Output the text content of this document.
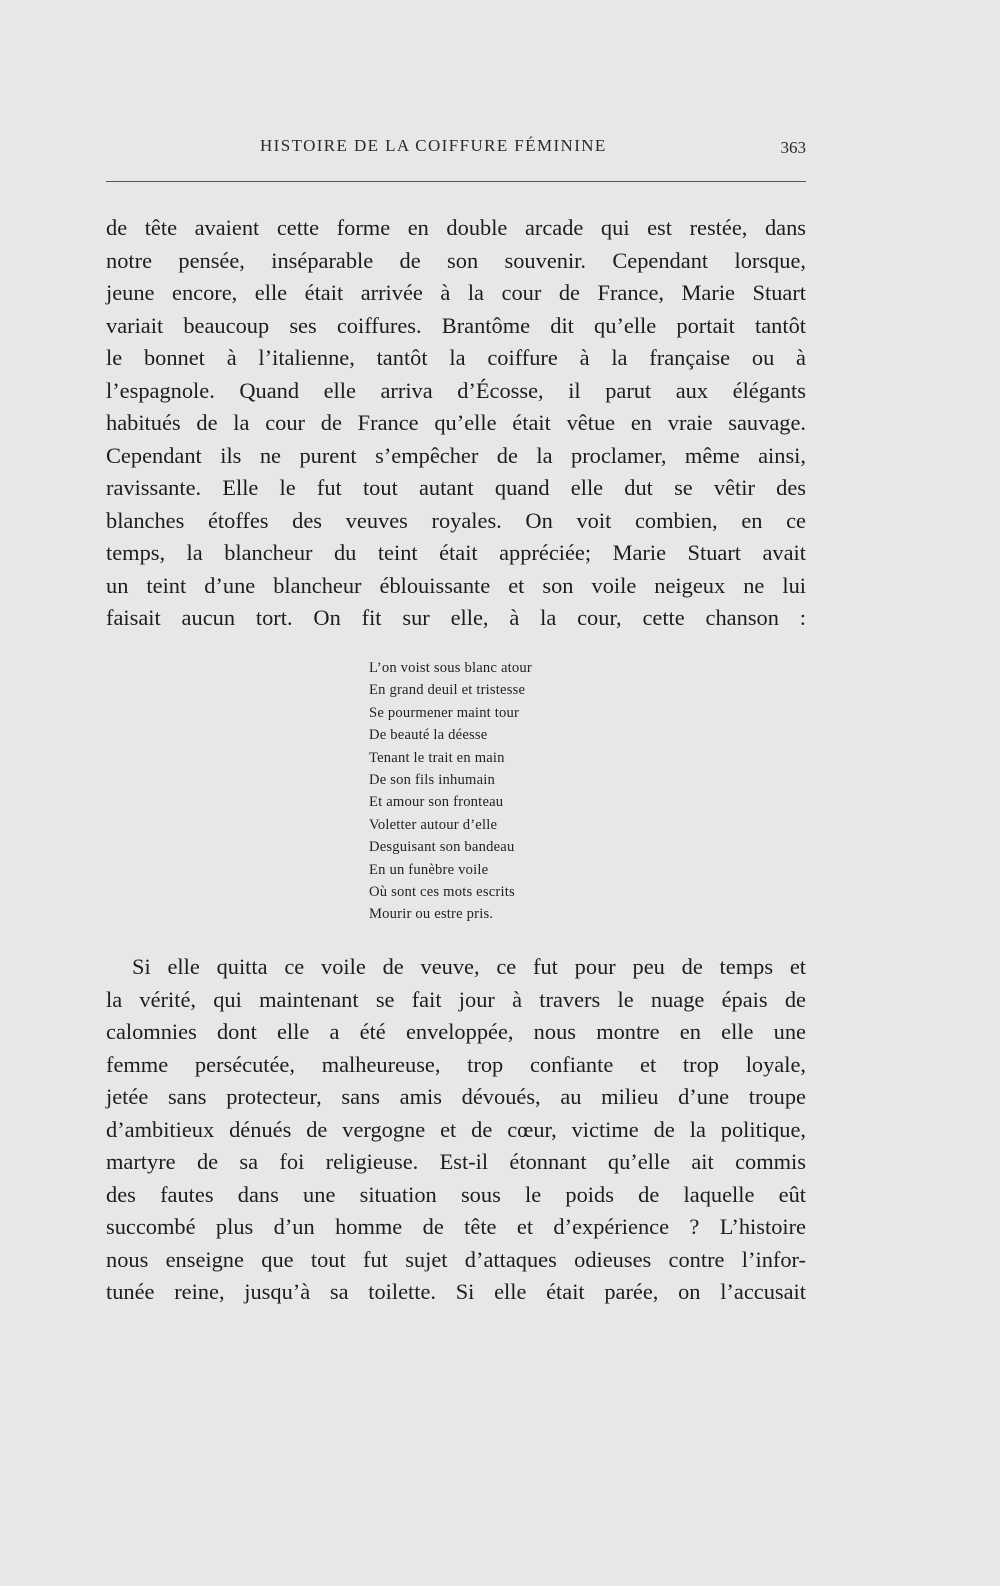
HISTOIRE DE LA COIFFURE FÉMININE	363

de tête avaient cette forme en double arcade qui est restée, dans
notre pensée, inséparable de son souvenir. Cependant lorsque,
jeune encore, elle était arrivée à la cour de France, Marie Stuart
variait beaucoup ses coiffures. Brantôme dit qu’elle portait tantôt
le bonnet à l’italienne, tantôt la coiffure à la française ou à
l’espagnole. Quand elle arriva d’Écosse, il parut aux élégants
habitués de la cour de France qu’elle était vêtue en vraie sauvage.
Cependant ils ne purent s’empêcher de la proclamer, même ainsi,
ravissante. Elle le fut tout autant quand elle dut se vêtir des
blanches étoffes des veuves royales. On voit combien, en ce
temps, la blancheur du teint était appréciée; Marie Stuart avait
un teint d’une blancheur éblouissante et son voile neigeux ne lui
faisait aucun tort. On fit sur elle, à la cour, cette chanson :

L’on voist sous blanc atour
En grand deuil et tristesse
Se pourmener maint tour
De beauté la déesse
Tenant le trait en main
De son fils inhumain
Et amour son fronteau
Voletter autour d’elle
Desguisant son bandeau
En un funèbre voile
Où sont ces mots escrits
Mourir ou estre pris.

Si elle quitta ce voile de veuve, ce fut pour peu de temps et
la vérité, qui maintenant se fait jour à travers le nuage épais de
calomnies dont elle a été enveloppée, nous montre en elle une
femme persécutée, malheureuse, trop confiante et trop loyale,
jetée sans protecteur, sans amis dévoués, au milieu d’une troupe
d’ambitieux dénués de vergogne et de cœur, victime de la politique,
martyre de sa foi religieuse. Est-il étonnant qu’elle ait commis
des fautes dans une situation sous le poids de laquelle eût
succombé plus d’un homme de tête et d’expérience ? L’histoire
nous enseigne que tout fut sujet d’attaques odieuses contre l’infor-
tunée reine, jusqu’à sa toilette. Si elle était parée, on l’accusait
